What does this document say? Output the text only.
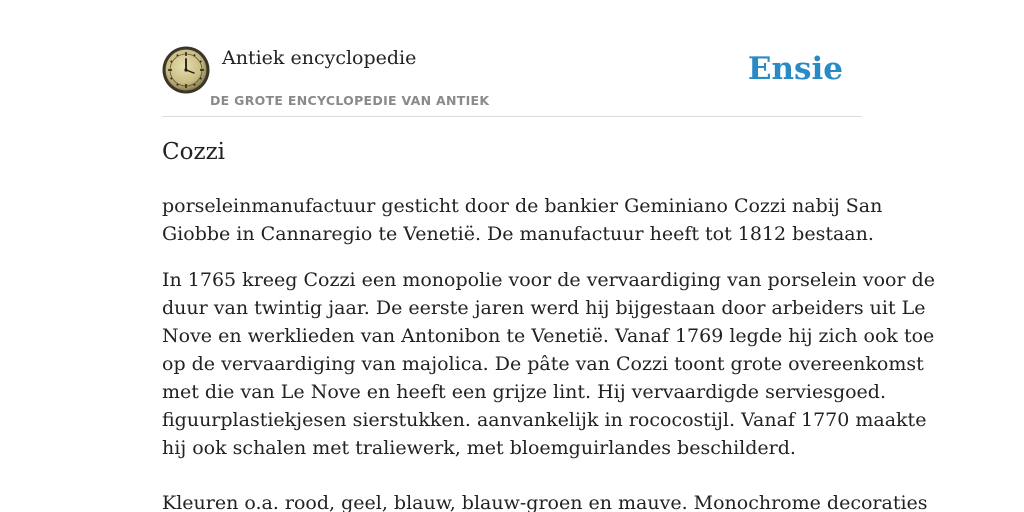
Antiek encyclopedie
DE GROTE ENCYCLOPEDIE VAN ANTIEK
Ensie
Cozzi

porseleinmanufactuur gesticht door de bankier Geminiano Cozzi nabij San

Giobbe in Cannaregio te Venetië. De manufactuur heeft tot 1812 bestaan.

In 1765 kreeg Cozzi een monopolie voor de vervaardiging van porselein voor de

duur van twintig jaar. De eerste jaren werd hij bijgestaan door arbeiders uit Le

Nove en werklieden van Antonibon te Venetië. Vanaf 1769 legde hij zich ook toe

op de vervaardiging van majolica. De pâte van Cozzi toont grote overeenkomst

met die van Le Nove en heeft een grijze lint. Hij vervaardigde serviesgoed.

figuurplastiekjesen sierstukken. aanvankelijk in rococostijl. Vanaf 1770 maakte

hij ook schalen met traliewerk, met bloemguirlandes beschilderd.

Kleuren o.a. rood, geel, blauw, blauw-groen en mauve. Monochrome decoraties
